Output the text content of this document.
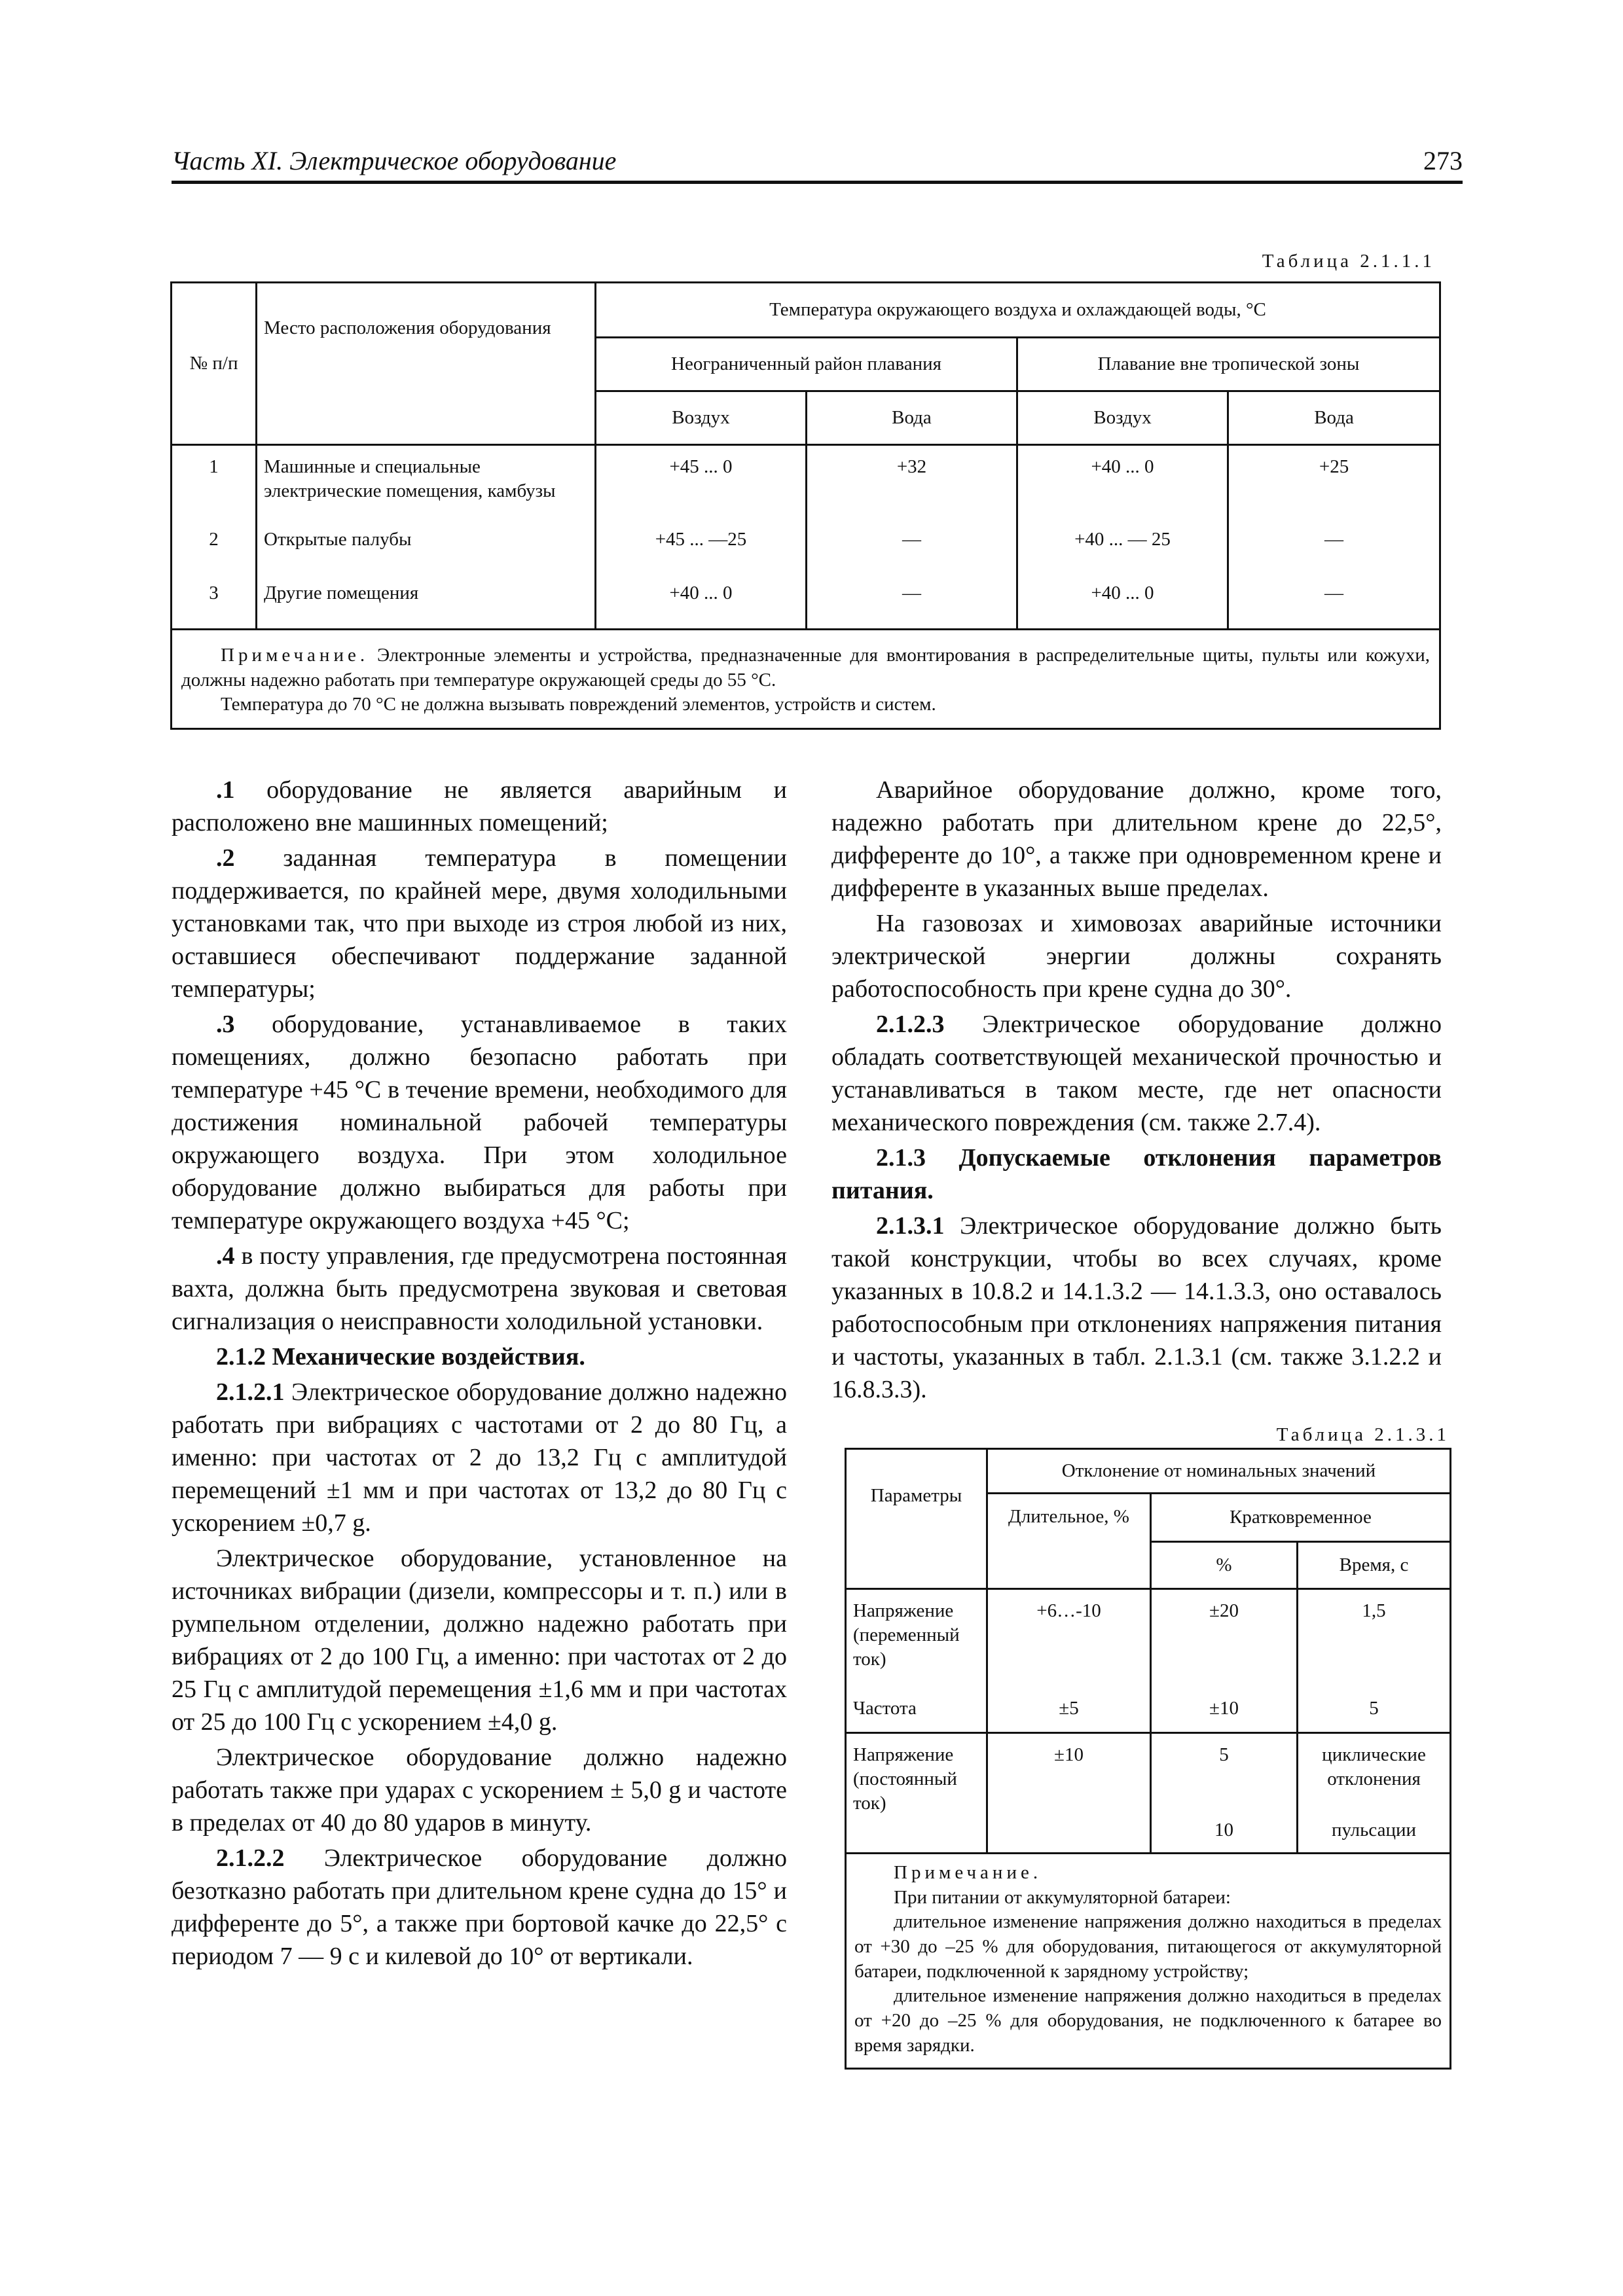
Часть XI. Электрическое оборудование	273
Таблица 2.1.1.1
№ п/п	Место расположения оборудования	Температура окружающего воздуха и охлаждающей воды, °С			
		Неограниченный район плавания		Плавание вне тропической зоны	
		Воздух	Вода	Воздух	Вода
1	Машинные и специальные электрические помещения, камбузы	+45 ... 0	+32	+40 ... 0	+25
2	Открытые палубы	+45 ... —25	—	+40 ... — 25	—
3	Другие помещения	+40 ... 0	—	+40 ... 0	—

Примечание. Электронные элементы и устройства, предназначенные для вмонтирования в распределительные щиты, пульты или кожухи, должны надежно работать при температуре окружающей среды до 55 °С.
Температура до 70 °С не должна вызывать повреждений элементов, устройств и систем.					

.1 оборудование не является аварийным и расположено вне машинных помещений;

.2 заданная температура в помещении поддерживается, по крайней мере, двумя холодильными установками так, что при выходе из строя любой из них, оставшиеся обеспечивают поддержание заданной температуры;

.3 оборудование, устанавливаемое в таких помещениях, должно безопасно работать при температуре +45 °С в течение времени, необходимого для достижения номинальной рабочей температуры окружающего воздуха. При этом холодильное оборудование должно выбираться для работы при температуре окружающего воздуха +45 °С;

.4 в посту управления, где предусмотрена постоянная вахта, должна быть предусмотрена звуковая и световая сигнализация о неисправности холодильной установки.

2.1.2 Механические воздействия.

2.1.2.1 Электрическое оборудование должно надежно работать при вибрациях с частотами от 2 до 80 Гц, а именно: при частотах от 2 до 13,2 Гц с амплитудой перемещений ±1 мм и при частотах от 13,2 до 80 Гц с ускорением ±0,7 g.

Электрическое оборудование, установленное на источниках вибрации (дизели, компрессоры и т. п.) или в румпельном отделении, должно надежно работать при вибрациях от 2 до 100 Гц, а именно: при частотах от 2 до 25 Гц с амплитудой перемещения ±1,6 мм и при частотах от 25 до 100 Гц с ускорением ±4,0 g.

Электрическое оборудование должно надежно работать также при ударах с ускорением ± 5,0 g и частоте в пределах от 40 до 80 ударов в минуту.

2.1.2.2 Электрическое оборудование должно безотказно работать при длительном крене судна до 15° и дифференте до 5°, а также при бортовой качке до 22,5° с периодом 7 — 9 с и килевой до 10° от вертикали.

Аварийное оборудование должно, кроме того, надежно работать при длительном крене до 22,5°, дифференте до 10°, а также при одновременном крене и дифференте в указанных выше пределах.

На газовозах и химовозах аварийные источники электрической энергии должны сохранять работоспособность при крене судна до 30°.

2.1.2.3 Электрическое оборудование должно обладать соответствующей механической прочностью и устанавливаться в таком месте, где нет опасности механического повреждения (см. также 2.7.4).

2.1.3 Допускаемые отклонения параметров питания.

2.1.3.1 Электрическое оборудование должно быть такой конструкции, чтобы во всех случаях, кроме указанных в 10.8.2 и 14.1.3.2 — 14.1.3.3, оно оставалось работоспособным при отклонениях напряжения питания и частоты, указанных в табл. 2.1.3.1 (см. также 3.1.2.2 и 16.8.3.3).

Таблица 2.1.3.1
Параметры	Отклонение от номинальных значений		
	Длительное, %	Кратковременное	
		%	Время, с
Напряжение (переменный ток)	+6…-10	±20	1,5
Частота	±5	±10	5
Напряжение (постоянный ток)	±10	5	циклические отклонения
		10	пульсации

Примечание.
При питании от аккумуляторной батареи:
длительное изменение напряжения должно находиться в пределах от +30 до –25 % для оборудования, питающегося от аккумуляторной батареи, подключенной к зарядному устройству;
длительное изменение напряжения должно находиться в пределах от +20 до –25 % для оборудования, не подключенного к батарее во время зарядки.			
